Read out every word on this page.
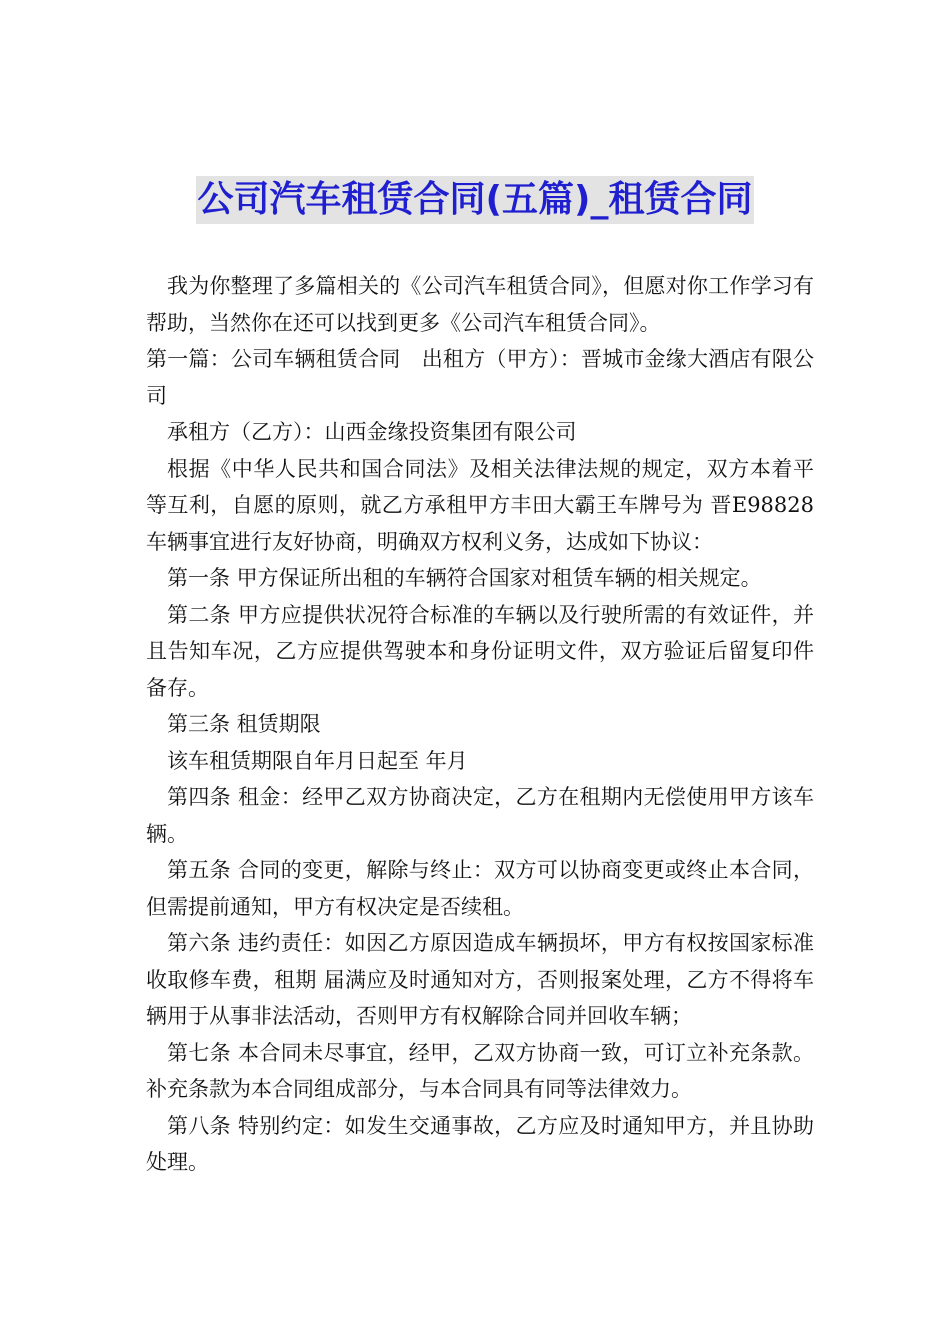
公司汽车租赁合同(五篇)_租赁合同

我为你整理了多篇相关的《公司汽车租赁合同》，但愿对你工作学习有帮助，当然你在还可以找到更多《公司汽车租赁合同》。

第一篇：公司车辆租赁合同　出租方（甲方）：晋城市金缘大酒店有限公司

承租方（乙方）：山西金缘投资集团有限公司

根据《中华人民共和国合同法》及相关法律法规的规定，双方本着平等互利，自愿的原则，就乙方承租甲方丰田大霸王车牌号为 晋E98828车辆事宜进行友好协商，明确双方权利义务，达成如下协议：

第一条 甲方保证所出租的车辆符合国家对租赁车辆的相关规定。

第二条 甲方应提供状况符合标准的车辆以及行驶所需的有效证件，并且告知车况，乙方应提供驾驶本和身份证明文件，双方验证后留复印件备存。

第三条 租赁期限

该车租赁期限自年月日起至 年月

第四条 租金：经甲乙双方协商决定，乙方在租期内无偿使用甲方该车辆。

第五条 合同的变更，解除与终止：双方可以协商变更或终止本合同，但需提前通知，甲方有权决定是否续租。

第六条 违约责任：如因乙方原因造成车辆损坏，甲方有权按国家标准收取修车费，租期 届满应及时通知对方，否则报案处理，乙方不得将车辆用于从事非法活动，否则甲方有权解除合同并回收车辆；

第七条 本合同未尽事宜，经甲，乙双方协商一致，可订立补充条款。补充条款为本合同组成部分，与本合同具有同等法律效力。

第八条 特别约定：如发生交通事故，乙方应及时通知甲方，并且协助处理。
